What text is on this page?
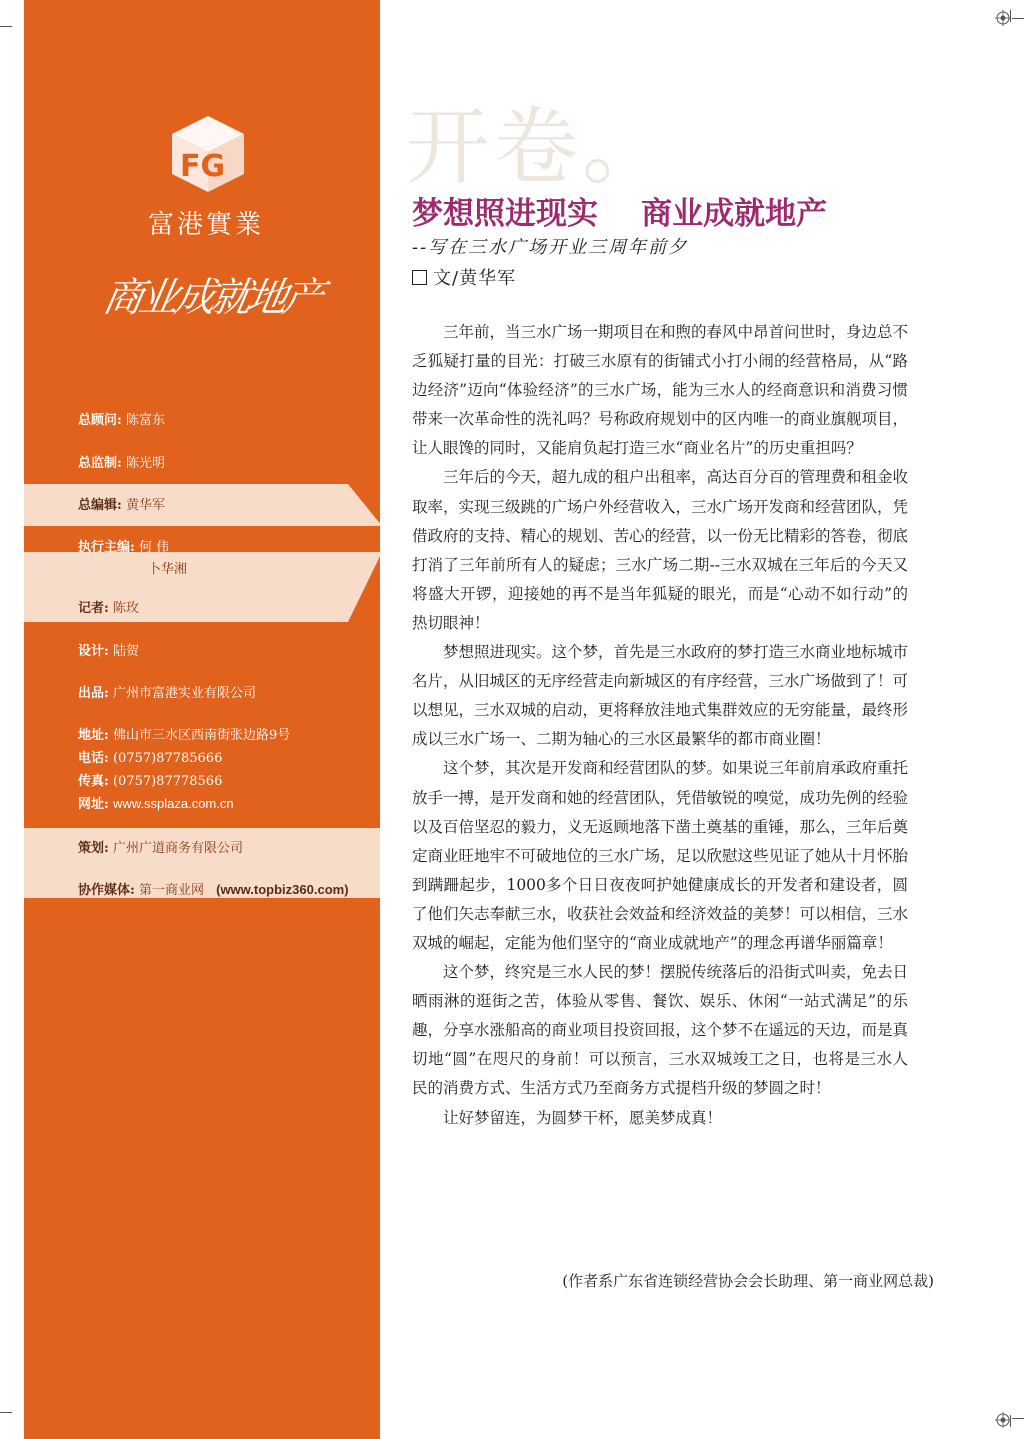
FG
富港實業
商业成就地产
总顾问: 陈富东
总监制: 陈光明
总编辑: 黄华军
执行主编: 何 伟
卜华湘
记者: 陈玫
设计: 陆贺
出品: 广州市富港实业有限公司
地址: 佛山市三水区西南街张边路9号
电话: (0757)87785666
传真: (0757)87778566
网址: www.ssplaza.com.cn
策划: 广州广道商务有限公司
协作媒体: 第一商业网 (www.topbiz360.com)
开卷。
梦想照进现实    商业成就地产
--写在三水广场开业三周年前夕
文/黄华军

三年前，当三水广场一期项目在和煦的春风中昂首问世时，身边总不乏狐疑打量的目光：打破三水原有的街铺式小打小闹的经营格局，从“路边经济”迈向“体验经济”的三水广场，能为三水人的经商意识和消费习惯带来一次革命性的洗礼吗？号称政府规划中的区内唯一的商业旗舰项目，让人眼馋的同时，又能肩负起打造三水“商业名片”的历史重担吗？

三年后的今天，超九成的租户出租率，高达百分百的管理费和租金收取率，实现三级跳的广场户外经营收入，三水广场开发商和经营团队，凭借政府的支持、精心的规划、苦心的经营，以一份无比精彩的答卷，彻底打消了三年前所有人的疑虑；三水广场二期--三水双城在三年后的今天又将盛大开锣，迎接她的再不是当年狐疑的眼光，而是“心动不如行动”的热切眼神！

梦想照进现实。这个梦，首先是三水政府的梦打造三水商业地标城市名片，从旧城区的无序经营走向新城区的有序经营，三水广场做到了！可以想见，三水双城的启动，更将释放洼地式集群效应的无穷能量，最终形成以三水广场一、二期为轴心的三水区最繁华的都市商业圈！

这个梦，其次是开发商和经营团队的梦。如果说三年前肩承政府重托放手一搏，是开发商和她的经营团队，凭借敏锐的嗅觉，成功先例的经验以及百倍坚忍的毅力，义无返顾地落下凿土奠基的重锤，那么，三年后奠定商业旺地牢不可破地位的三水广场，足以欣慰这些见证了她从十月怀胎到蹒跚起步，1000多个日日夜夜呵护她健康成长的开发者和建设者，圆了他们矢志奉献三水，收获社会效益和经济效益的美梦！可以相信，三水双城的崛起，定能为他们坚守的“商业成就地产”的理念再谱华丽篇章！

这个梦，终究是三水人民的梦！摆脱传统落后的沿街式叫卖，免去日晒雨淋的逛街之苦，体验从零售、餐饮、娱乐、休闲“一站式满足”的乐趣，分享水涨船高的商业项目投资回报，这个梦不在遥远的天边，而是真切地“圆”在咫尺的身前！可以预言，三水双城竣工之日，也将是三水人民的消费方式、生活方式乃至商务方式提档升级的梦圆之时！

让好梦留连，为圆梦干杯，愿美梦成真！

(作者系广东省连锁经营协会会长助理、第一商业网总裁)
